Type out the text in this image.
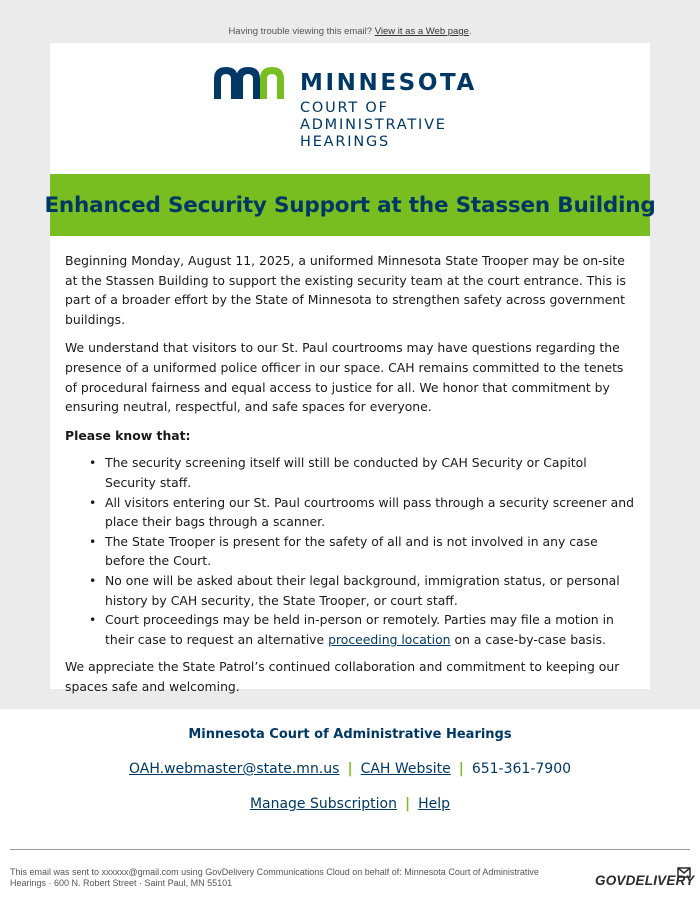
Having trouble viewing this email? View it as a Web page.
MINNESOTA
COURT OF
ADMINISTRATIVE
HEARINGS
Enhanced Security Support at the Stassen Building

Beginning Monday, August 11, 2025, a uniformed Minnesota State Trooper may be on-site at the Stassen Building to support the existing security team at the court entrance. This is part of a broader effort by the State of Minnesota to strengthen safety across government buildings.

We understand that visitors to our St. Paul courtrooms may have questions regarding the presence of a uniformed police officer in our space. CAH remains committed to the tenets of procedural fairness and equal access to justice for all. We honor that commitment by ensuring neutral, respectful, and safe spaces for everyone.

Please know that:

• The security screening itself will still be conducted by CAH Security or Capitol Security staff.
• All visitors entering our St. Paul courtrooms will pass through a security screener and place their bags through a scanner.
• The State Trooper is present for the safety of all and is not involved in any case before the Court.
• No one will be asked about their legal background, immigration status, or personal history by CAH security, the State Trooper, or court staff.
• Court proceedings may be held in-person or remotely. Parties may file a motion in their case to request an alternative proceeding location on a case-by-case basis.

We appreciate the State Patrol’s continued collaboration and commitment to keeping our spaces safe and welcoming.

Minnesota Court of Administrative Hearings
OAH.webmaster@state.mn.us | CAH Website | 651-361-7900
Manage Subscription | Help
This email was sent to xxxxxx@gmail.com using GovDelivery Communications Cloud on behalf of: Minnesota Court of Administrative Hearings · 600 N. Robert Street · Saint Paul, MN 55101	GOVDELIVERY
